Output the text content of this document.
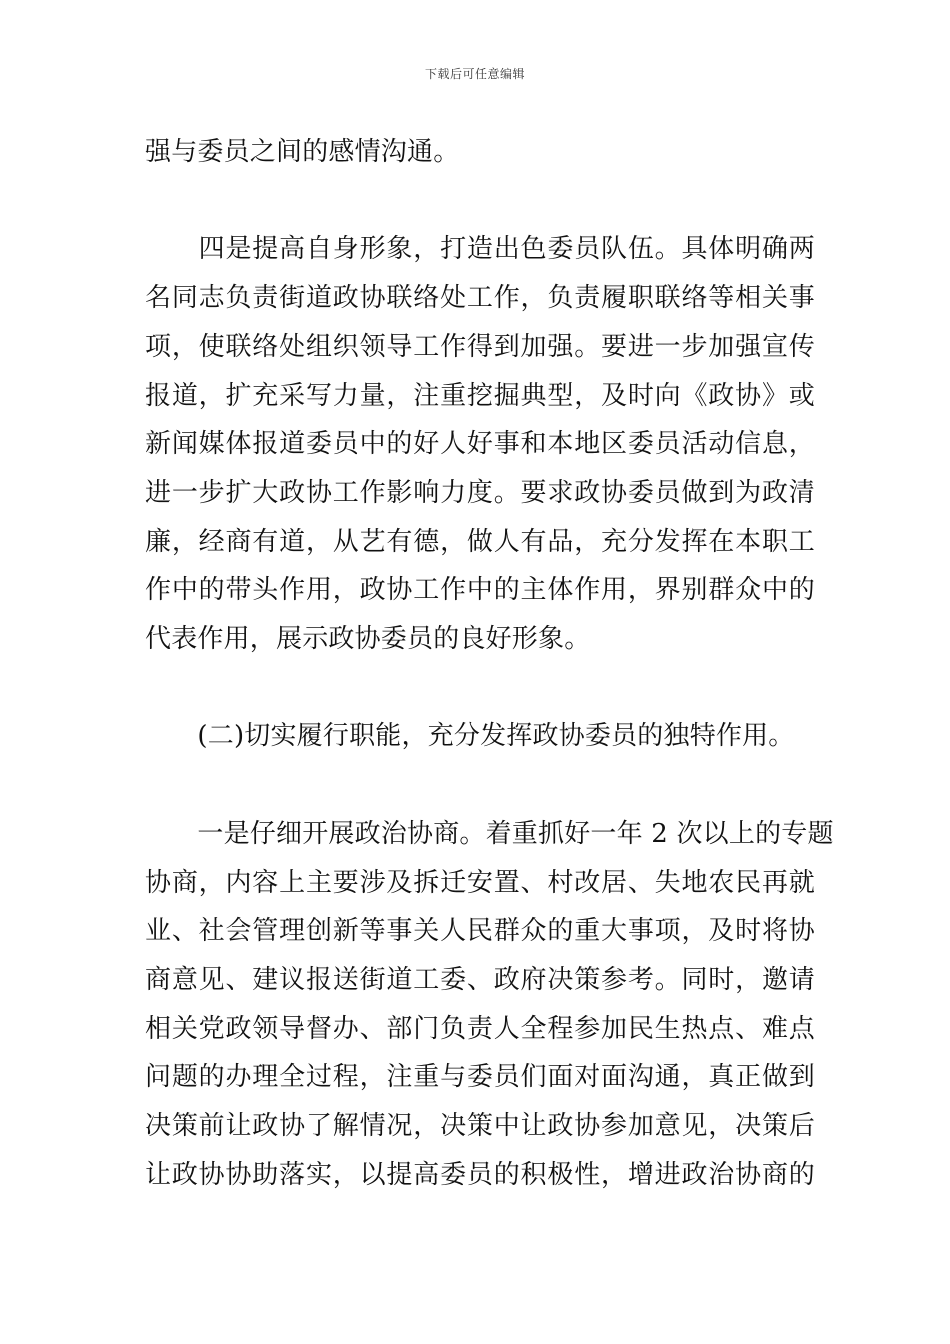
下载后可任意编辑
强与委员之间的感情沟通。
　　四是提高自身形象，打造出色委员队伍。具体明确两
名同志负责街道政协联络处工作，负责履职联络等相关事
项，使联络处组织领导工作得到加强。要进一步加强宣传
报道，扩充采写力量，注重挖掘典型，及时向《政协》或
新闻媒体报道委员中的好人好事和本地区委员活动信息，
进一步扩大政协工作影响力度。要求政协委员做到为政清
廉，经商有道，从艺有德，做人有品，充分发挥在本职工
作中的带头作用，政协工作中的主体作用，界别群众中的
代表作用，展示政协委员的良好形象。
　　(二)切实履行职能，充分发挥政协委员的独特作用。
　　一是仔细开展政治协商。着重抓好一年 2 次以上的专题
协商，内容上主要涉及拆迁安置、村改居、失地农民再就
业、社会管理创新等事关人民群众的重大事项，及时将协
商意见、建议报送街道工委、政府决策参考。同时，邀请
相关党政领导督办、部门负责人全程参加民生热点、难点
问题的办理全过程，注重与委员们面对面沟通，真正做到
决策前让政协了解情况，决策中让政协参加意见，决策后
让政协协助落实，以提高委员的积极性，增进政治协商的
